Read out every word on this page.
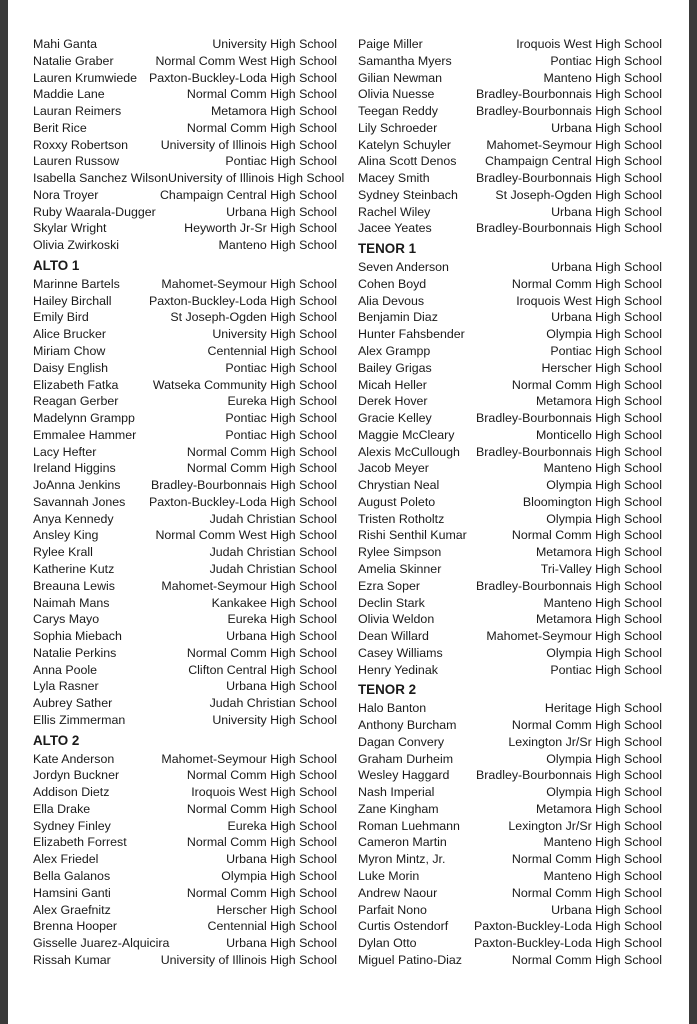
Mahi Ganta	University High School
Natalie Graber	Normal Comm West High School
Lauren Krumwiede Paxton-Buckley-Loda High School
Maddie Lane	Normal Comm High School
Lauran Reimers	Metamora High School
Berit Rice	Normal Comm High School
Roxxy Robertson	University of Illinois High School
Lauren Russow	Pontiac High School
Isabella Sanchez Wilson University of Illinois High School
Nora Troyer	Champaign Central High School
Ruby Waarala-Dugger	Urbana High School
Skylar Wright	Heyworth Jr-Sr High School
Olivia Zwirkoski	Manteno High School
ALTO 1
Marinne Bartels	Mahomet-Seymour High School
Hailey Birchall	Paxton-Buckley-Loda High School
Emily Bird	St Joseph-Ogden High School
Alice Brucker	University High School
Miriam Chow	Centennial High School
Daisy English	Pontiac High School
Elizabeth Fatka	Watseka Community High School
Reagan Gerber	Eureka High School
Madelynn Grampp	Pontiac High School
Emmalee Hammer	Pontiac High School
Lacy Hefter	Normal Comm High School
Ireland Higgins	Normal Comm High School
JoAnna Jenkins Bradley-Bourbonnais High School
Savannah Jones Paxton-Buckley-Loda High School
Anya Kennedy	Judah Christian School
Ansley King	Normal Comm West High School
Rylee Krall	Judah Christian School
Katherine Kutz	Judah Christian School
Breauna Lewis	Mahomet-Seymour High School
Naimah Mans	Kankakee High School
Carys Mayo	Eureka High School
Sophia Miebach	Urbana High School
Natalie Perkins	Normal Comm High School
Anna Poole	Clifton Central High School
Lyla Rasner	Urbana High School
Aubrey Sather	Judah Christian School
Ellis Zimmerman	University High School
ALTO 2
Kate Anderson	Mahomet-Seymour High School
Jordyn Buckner	Normal Comm High School
Addison Dietz	Iroquois West High School
Ella Drake	Normal Comm High School
Sydney Finley	Eureka High School
Elizabeth Forrest	Normal Comm High School
Alex Friedel	Urbana High School
Bella Galanos	Olympia High School
Hamsini Ganti	Normal Comm High School
Alex Graefnitz	Herscher High School
Brenna Hooper	Centennial High School
Gisselle Juarez-Alquicira	Urbana High School
Rissah Kumar	University of Illinois High School
Paige Miller	Iroquois West High School
Samantha Myers	Pontiac High School
Gilian Newman	Manteno High School
Olivia Nuesse	Bradley-Bourbonnais High School
Teegan Reddy	Bradley-Bourbonnais High School
Lily Schroeder	Urbana High School
Katelyn Schuyler	Mahomet-Seymour High School
Alina Scott Denos Champaign Central High School
Macey Smith	Bradley-Bourbonnais High School
Sydney Steinbach	St Joseph-Ogden High School
Rachel Wiley	Urbana High School
Jacee Yeates	Bradley-Bourbonnais High School
TENOR 1
Seven Anderson	Urbana High School
Cohen Boyd	Normal Comm High School
Alia Devous	Iroquois West High School
Benjamin Diaz	Urbana High School
Hunter Fahsbender	Olympia High School
Alex Grampp	Pontiac High School
Bailey Grigas	Herscher High School
Micah Heller	Normal Comm High School
Derek Hover	Metamora High School
Gracie Kelley	Bradley-Bourbonnais High School
Maggie McCleary	Monticello High School
Alexis McCullough Bradley-Bourbonnais High School
Jacob Meyer	Manteno High School
Chrystian Neal	Olympia High School
August Poleto	Bloomington High School
Tristen Rotholtz	Olympia High School
Rishi Senthil Kumar	Normal Comm High School
Rylee Simpson	Metamora High School
Amelia Skinner	Tri-Valley High School
Ezra Soper	Bradley-Bourbonnais High School
Declin Stark	Manteno High School
Olivia Weldon	Metamora High School
Dean Willard	Mahomet-Seymour High School
Casey Williams	Olympia High School
Henry Yedinak	Pontiac High School
TENOR 2
Halo Banton	Heritage High School
Anthony Burcham	Normal Comm High School
Dagan Convery	Lexington Jr/Sr High School
Graham Durheim	Olympia High School
Wesley Haggard Bradley-Bourbonnais High School
Nash Imperial	Olympia High School
Zane Kingham	Metamora High School
Roman Luehmann	Lexington Jr/Sr High School
Cameron Martin	Manteno High School
Myron Mintz, Jr.	Normal Comm High School
Luke Morin	Manteno High School
Andrew Naour	Normal Comm High School
Parfait Nono	Urbana High School
Curtis Ostendorf Paxton-Buckley-Loda High School
Dylan Otto	Paxton-Buckley-Loda High School
Miguel Patino-Diaz	Normal Comm High School
